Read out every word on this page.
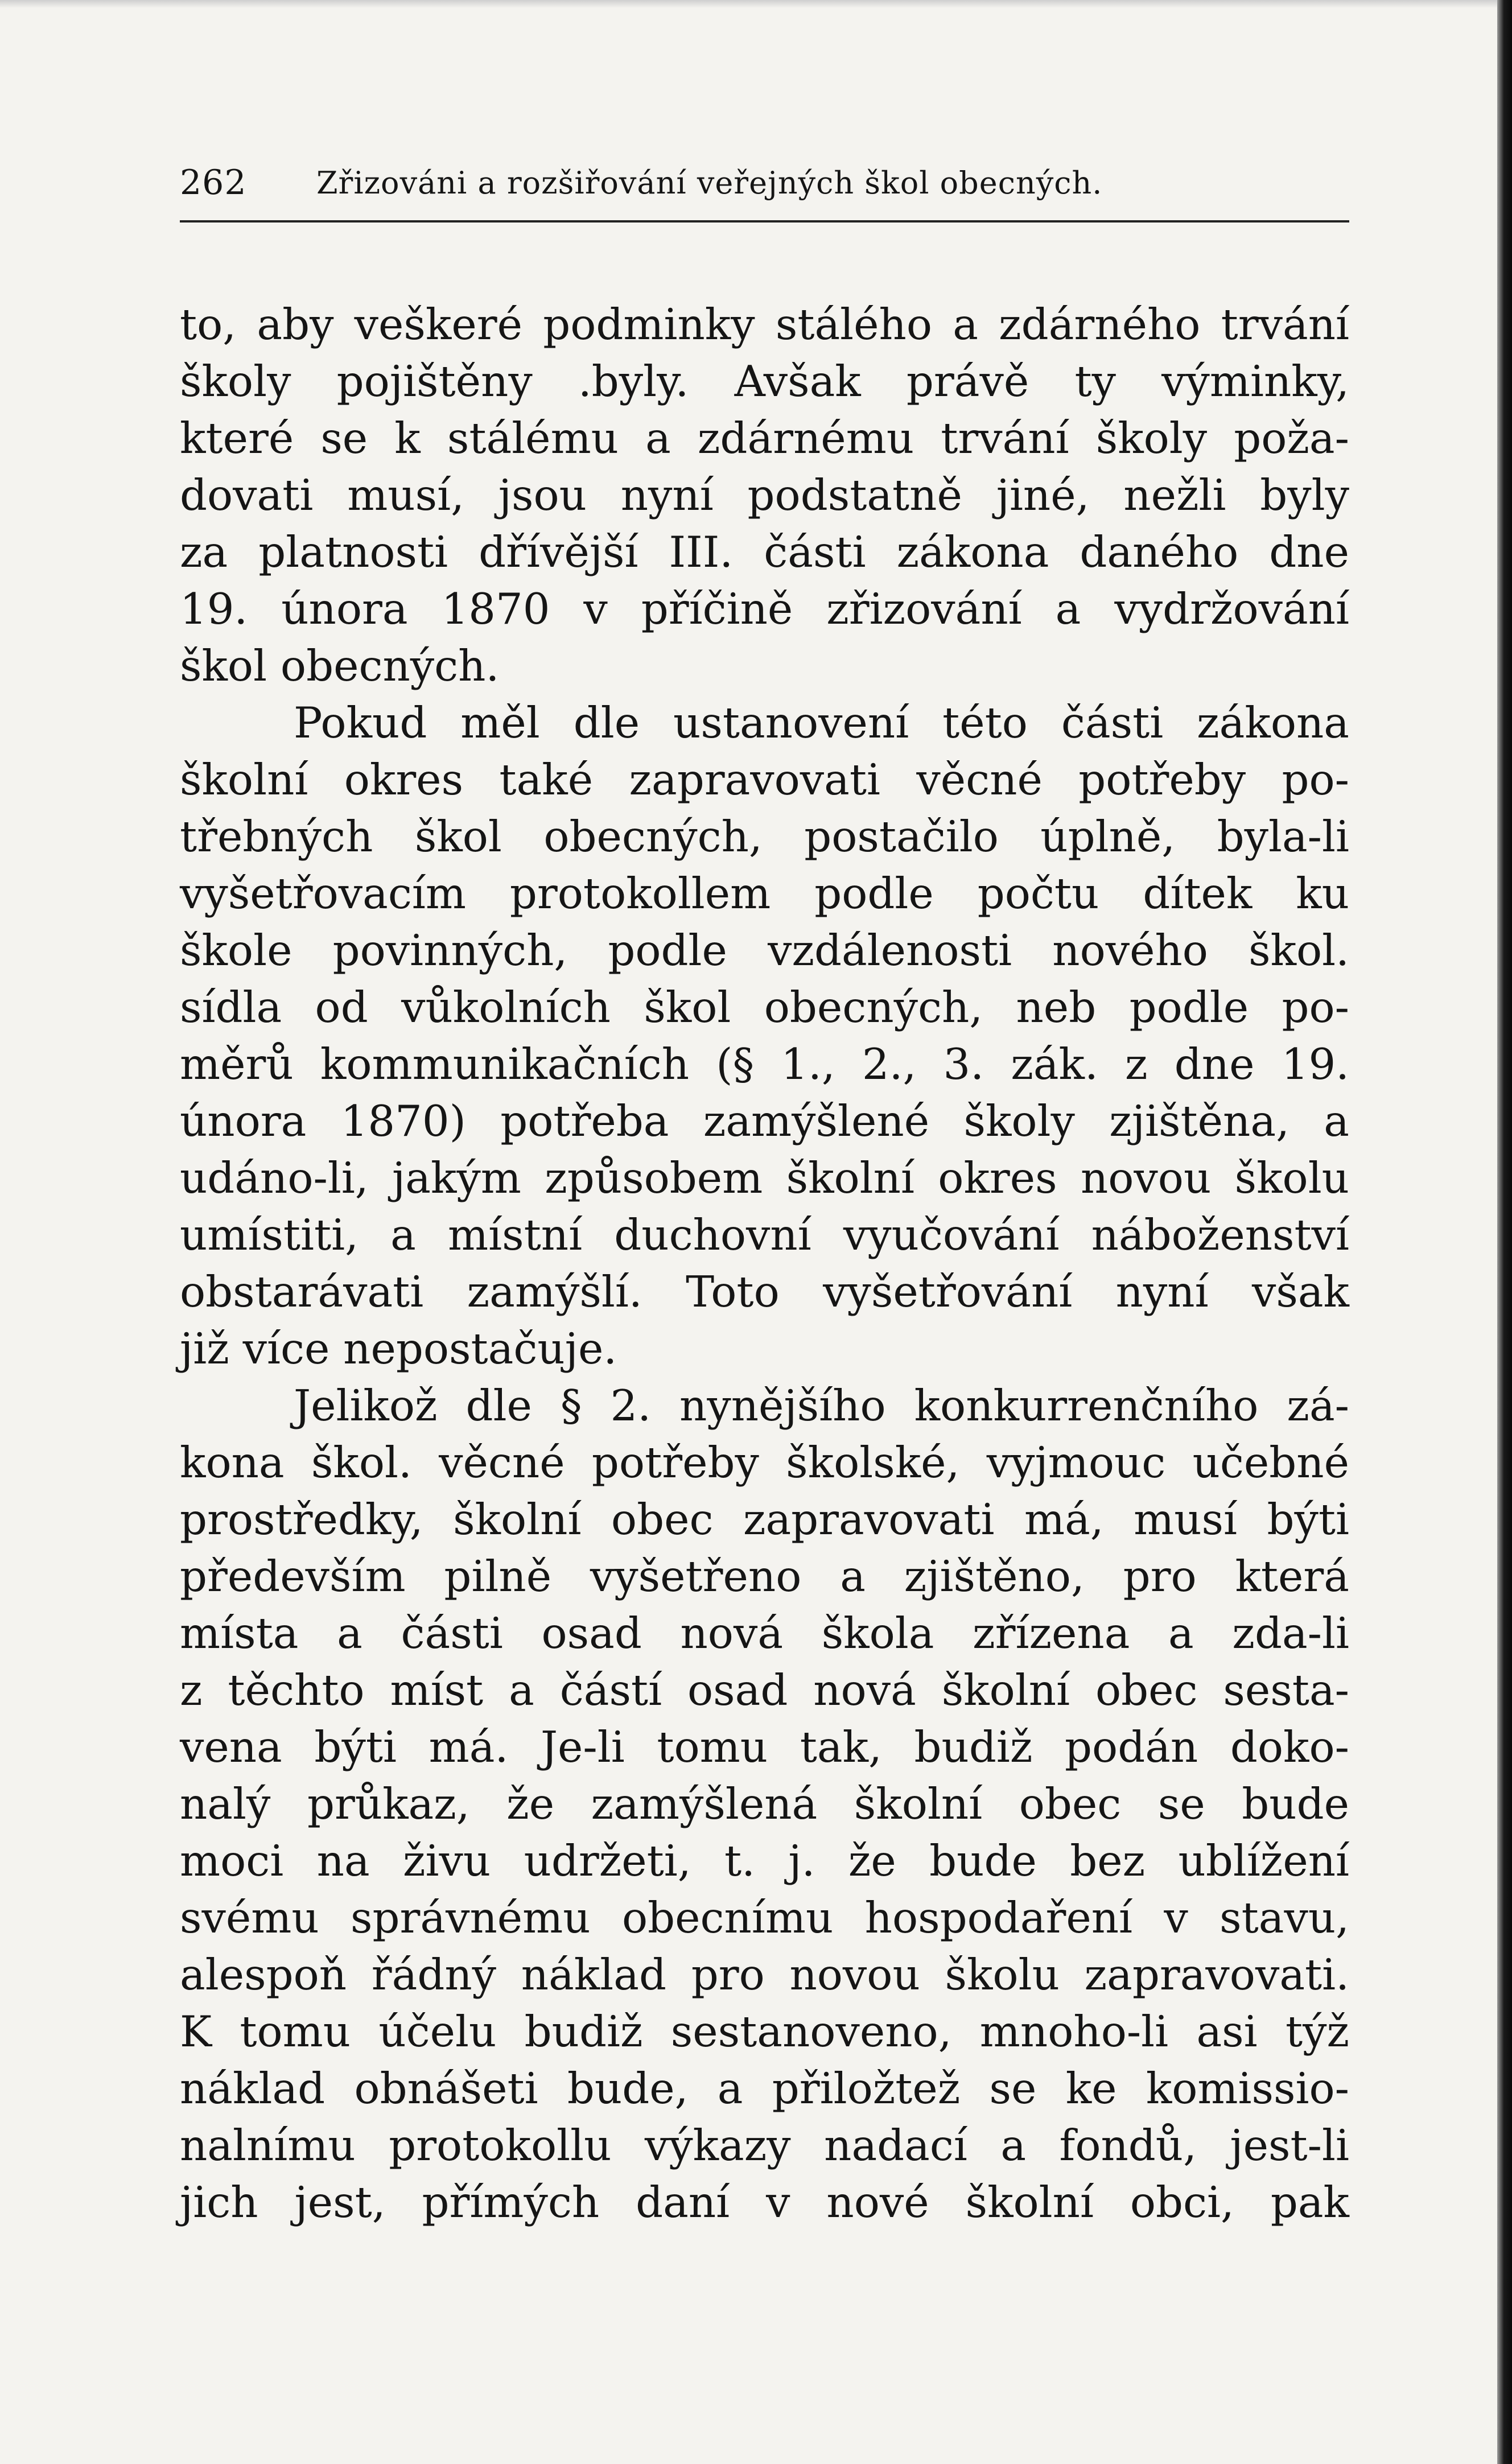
262 Zřizováni a rozšiřování veřejných škol obecných.
to, aby veškeré podminky stálého a zdárného trvání
školy pojištěny .byly. Avšak právě ty výminky,
které se k stálému a zdárnému trvání školy poža-
dovati musí, jsou nyní podstatně jiné, nežli byly
za platnosti dřívější III. části zákona daného dne
19. února 1870 v příčině zřizování a vydržování
škol obecných.
Pokud měl dle ustanovení této části zákona
školní okres také zapravovati věcné potřeby po-
třebných škol obecných, postačilo úplně, byla-li
vyšetřovacím protokollem podle počtu dítek ku
škole povinných, podle vzdálenosti nového škol.
sídla od vůkolních škol obecných, neb podle po-
měrů kommunikačních (§ 1., 2., 3. zák. z dne 19.
února 1870) potřeba zamýšlené školy zjištěna, a
udáno-li, jakým způsobem školní okres novou školu
umístiti, a místní duchovní vyučování náboženství
obstarávati zamýšlí. Toto vyšetřování nyní však
již více nepostačuje.
Jelikož dle § 2. nynějšího konkurrenčního zá-
kona škol. věcné potřeby školské, vyjmouc učebné
prostředky, školní obec zapravovati má, musí býti
především pilně vyšetřeno a zjištěno, pro která
místa a části osad nová škola zřízena a zda-li
z těchto míst a částí osad nová školní obec sesta-
vena býti má. Je-li tomu tak, budiž podán doko-
nalý průkaz, že zamýšlená školní obec se bude
moci na živu udržeti, t. j. že bude bez ublížení
svému správnému obecnímu hospodaření v stavu,
alespoň řádný náklad pro novou školu zapravovati.
K tomu účelu budiž sestanoveno, mnoho-li asi týž
náklad obnášeti bude, a přiložtež se ke komissio-
nalnímu protokollu výkazy nadací a fondů, jest-li
jich jest, přímých daní v nové školní obci, pak
